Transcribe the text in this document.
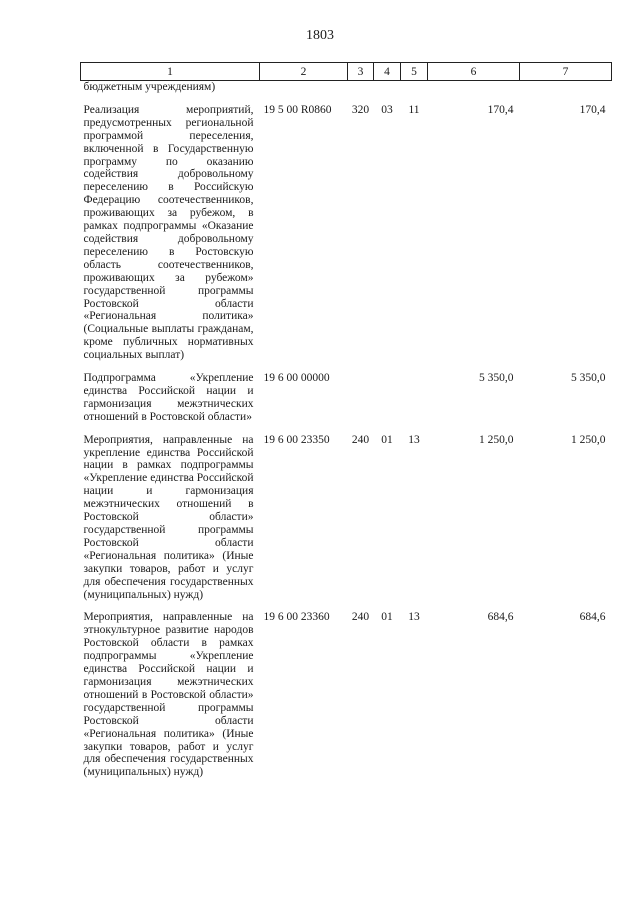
1803
1	2	3	4	5	6	7
бюджетным учреждениям)						
Реализация мероприятий, предусмотренных региональной программой переселения, включенной в Государственную программу по оказанию содействия добровольному переселению в Российскую Федерацию соотечественников, проживающих за рубежом, в рамках подпрограммы «Оказание содействия добровольному переселению в Ростовскую область соотечественников, проживающих за рубежом» государственной программы Ростовской области «Региональная политика» (Социальные выплаты гражданам, кроме публичных нормативных социальных выплат)	19 5 00 R0860	320	03	11	170,4	170,4
Подпрограмма «Укрепление единства Российской нации и гармонизация межэтнических отношений в Ростовской области»	19 6 00 00000				5 350,0	5 350,0
Мероприятия, направленные на укрепление единства Российской нации в рамках подпрограммы «Укрепление единства Российской нации и гармонизация межэтнических отношений в Ростовской области» государственной программы Ростовской области «Региональная политика» (Иные закупки товаров, работ и услуг для обеспечения государственных (муниципальных) нужд)	19 6 00 23350	240	01	13	1 250,0	1 250,0
Мероприятия, направленные на этнокультурное развитие народов Ростовской области в рамках подпрограммы «Укрепление единства Российской нации и гармонизация межэтнических отношений в Ростовской области» государственной программы Ростовской области «Региональная политика» (Иные закупки товаров, работ и услуг для обеспечения государственных (муниципальных) нужд)	19 6 00 23360	240	01	13	684,6	684,6
